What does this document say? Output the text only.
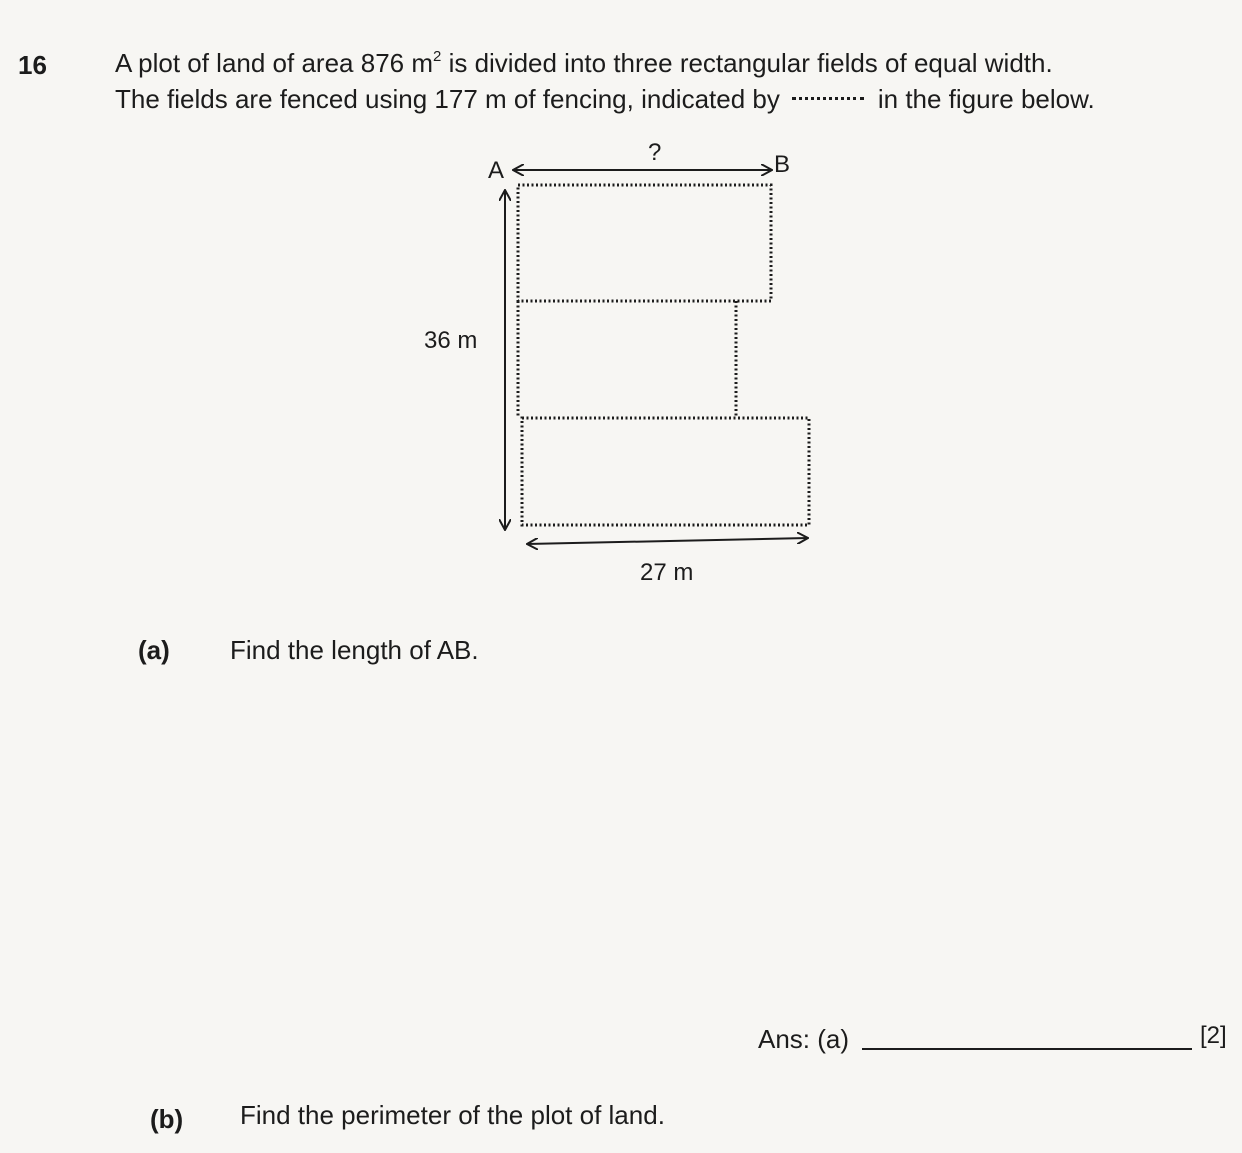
16	A plot of land of area 876 $m^2$ is divided into three rectangular fields of equal width.
The fields are fenced using 177 m of fencing, indicated by	in the figure below.
A	B
?
36 m
27 m
(a) Find the length of AB.
Ans: (a)	[2]
(b) Find the perimeter of the plot of land.
